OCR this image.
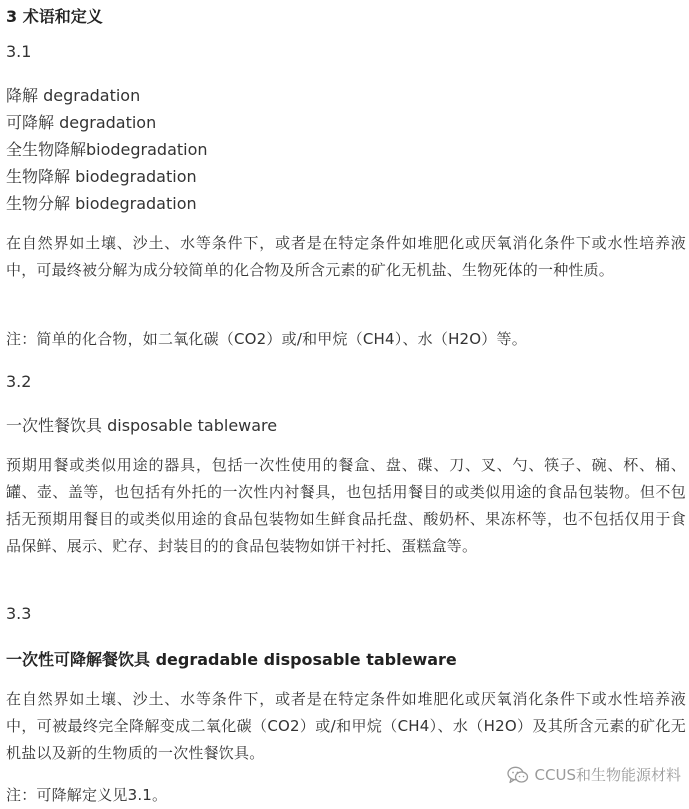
3 术语和定义
3.1
降解 degradation
可降解 degradation
全生物降解biodegradation
生物降解 biodegradation
生物分解 biodegradation
在自然界如土壤、沙土、水等条件下，或者是在特定条件如堆肥化或厌氧消化条件下或水性培养液中，可最终被分解为成分较简单的化合物及所含元素的矿化无机盐、生物死体的一种性质。
注：简单的化合物，如二氧化碳（CO2）或/和甲烷（CH4）、水（H2O）等。
3.2
一次性餐饮具 disposable tableware
预期用餐或类似用途的器具，包括一次性使用的餐盒、盘、碟、刀、叉、勺、筷子、碗、杯、桶、罐、壶、盖等，也包括有外托的一次性内衬餐具，也包括用餐目的或类似用途的食品包装物。但不包括无预期用餐目的或类似用途的食品包装物如生鲜食品托盘、酸奶杯、果冻杯等，也不包括仅用于食品保鲜、展示、贮存、封装目的的食品包装物如饼干衬托、蛋糕盒等。
3.3
一次性可降解餐饮具 degradable disposable tableware
在自然界如土壤、沙土、水等条件下，或者是在特定条件如堆肥化或厌氧消化条件下或水性培养液中，可被最终完全降解变成二氧化碳（CO2）或/和甲烷（CH4）、水（H2O）及其所含元素的矿化无机盐以及新的生物质的一次性餐饮具。
注：可降解定义见3.1。
CCUS和生物能源材料
